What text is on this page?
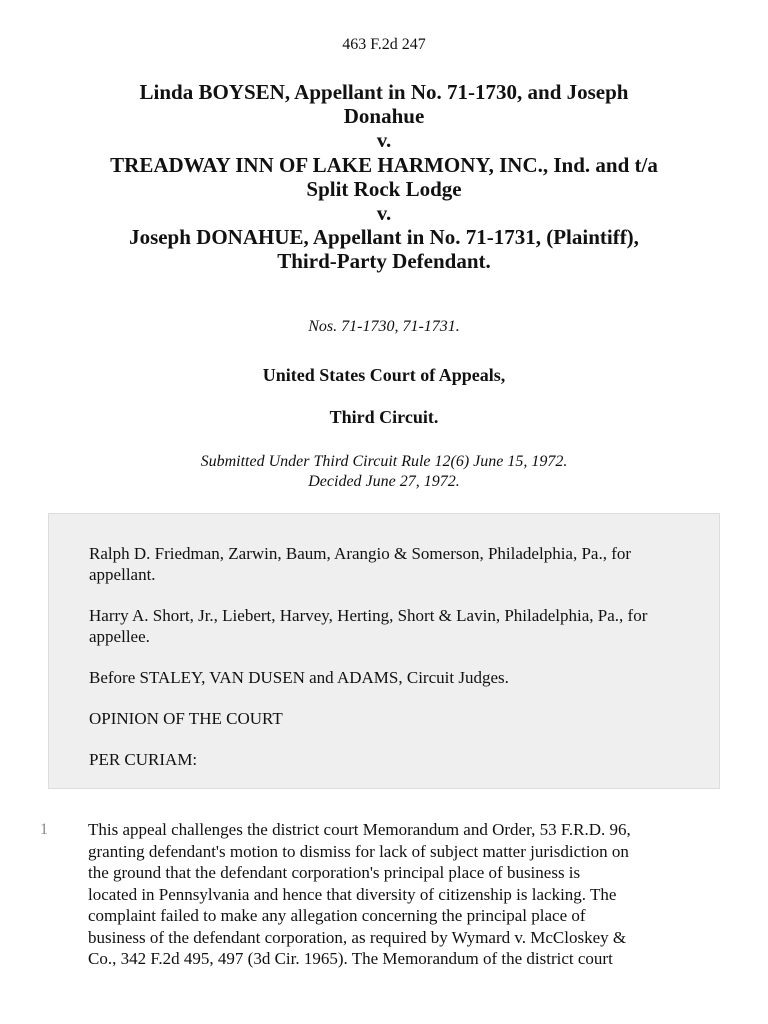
463 F.2d 247
Linda BOYSEN, Appellant in No. 71-1730, and Joseph
Donahue
v.
TREADWAY INN OF LAKE HARMONY, INC., Ind. and t/a
Split Rock Lodge
v.
Joseph DONAHUE, Appellant in No. 71-1731, (Plaintiff),
Third-Party Defendant.
Nos. 71-1730, 71-1731.
United States Court of Appeals,
Third Circuit.
Submitted Under Third Circuit Rule 12(6) June 15, 1972.
Decided June 27, 1972.

Ralph D. Friedman, Zarwin, Baum, Arangio & Somerson, Philadelphia, Pa., for appellant.

Harry A. Short, Jr., Liebert, Harvey, Herting, Short & Lavin, Philadelphia, Pa., for appellee.

Before STALEY, VAN DUSEN and ADAMS, Circuit Judges.

OPINION OF THE COURT

PER CURIAM:

1	This appeal challenges the district court Memorandum and Order, 53 F.R.D. 96,
granting defendant's motion to dismiss for lack of subject matter jurisdiction on
the ground that the defendant corporation's principal place of business is
located in Pennsylvania and hence that diversity of citizenship is lacking. The
complaint failed to make any allegation concerning the principal place of
business of the defendant corporation, as required by Wymard v. McCloskey &
Co., 342 F.2d 495, 497 (3d Cir. 1965). The Memorandum of the district court
